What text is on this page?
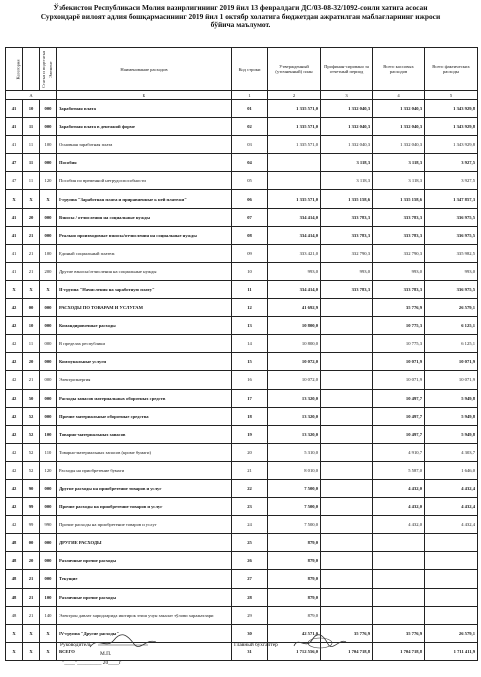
Ўзбекистон Республикаси Молия вазирлигининг 2019 йил 13 февралдаги ДС/03-08-32/1092-сонли хатига асосан
Сурхондарё вилоят адлия бошқармасининг 2019 йил 1 октябр холатига бюджетдан ажратилган маблағларнинг ижроси
бўйича маълумот.
Категория	Статья и подстатья	Элемент	Наименование расходов	Код строки	Утвержденный (уточненный) план	Профинан-сировано за отчетный период	Всего кассовых расходов	Всего фактических расходы
А			Б	1	2	3	4	5
41	10	000	Заработная плата	01	1 335 571,0	1 332 040,3	1 332 040,3	1 343 929,8
41	11	000	Заработная плата в денежной форме	02	1 335 571,0	1 332 040,3	1 332 040,3	1 343 929,8
41	11	100	Основная заработная плата	03	1 335 571,0	1 332 040,3	1 332 040,3	1 343 929,8
47	11	000	Пособия	04		3 118,3	3 118,3	3 927,5
47	11	120	Пособия по временной нетрудоспособности	05		3 118,3	3 118,3	3 927,5
X	X	X	I-группа "Заработная плата и приравненные к ней платежи"	06	1 335 571,0	1 335 158,6	1 335 158,6	1 347 857,3
41	20	000	Взносы / отчисления на социальные нужды	07	334 414,0	333 783,3	333 783,3	336 975,5
41	21	000	Реально производимые взносы/отчисления на социальные нужды	08	334 414,0	333 783,3	333 783,3	336 975,5
41	21	100	Единый социальный платеж	09	333 421,0	332 790,3	332 790,3	335 982,5
41	21	200	Другие взносы/отчисления на социальные нужды	10	993,0	993,0	993,0	993,0
X	X	X	II-группа "Начисления на заработную плату"	11	334 414,0	333 783,3	333 783,3	336 975,5
42	00	000	РАСХОДЫ ПО ТОВАРАМ И УСЛУГАМ	12	41 692,9		35 776,9	26 579,1
42	10	000	Командировочные расходы	13	10 800,0		10 775,3	6 125,1
42	11	000	В пределах республики	14	10 800,0		10 775,3	6 125,1
42	20	000	Коммунальные услуги	15	10 072,0		10 071,9	10 071,9
42	21	000	Электроэнергия	16	10 072,0		10 071,9	10 071,9
42	50	000	Расходы запасов материальных оборотных средств	17	13 320,0		10 497,7	5 949,8
42	52	000	Прочие материальные оборотные средства	18	13 320,0		10 497,7	5 949,8
42	52	100	Товарно-материальных запасов	19	13 320,0		10 497,7	5 949,8
42	52	110	Товарно-материальных запасов (кроме бумаги)	20	5 310,0		4 910,7	4 303,7
42	52	120	Расходы на приобретение бумаги	21	8 010,0		5 587,0	1 646,0
42	90	000	Другие расходы на приобретение товаров и услуг	22	7 500,0		4 432,0	4 432,4
42	99	000	Прочие расходы на приобретение товаров и услуг	23	7 500,0		4 432,0	4 432,4
42	99	990	Прочие расходы на приобретение товаров и услуг	24	7 500,0		4 432,0	4 432,4
48	00	000	ДРУГИЕ РАСХОДЫ	25	879,0			
48	20	000	Различные прочие расходы	26	879,0			
48	21	000	Текущие	27	879,0			
48	21	100	Различные прочие расходы	28	879,0			
48	21	140	Электрон давлат харидларида иштирок этиш учун закалат тўлови харажатлари	29	879,0			
X	X	X	IV-группа "Другие расходы"	30	42 571,0	35 776,9	35 776,9	26 579,1
X	X	X	ВСЕГО	31	1 712 556,0	1 704 718,8	1 704 718,8	1 711 411,9
Руководитель
М.П.
"____"_________ 20____г
Главный бухгалтер
